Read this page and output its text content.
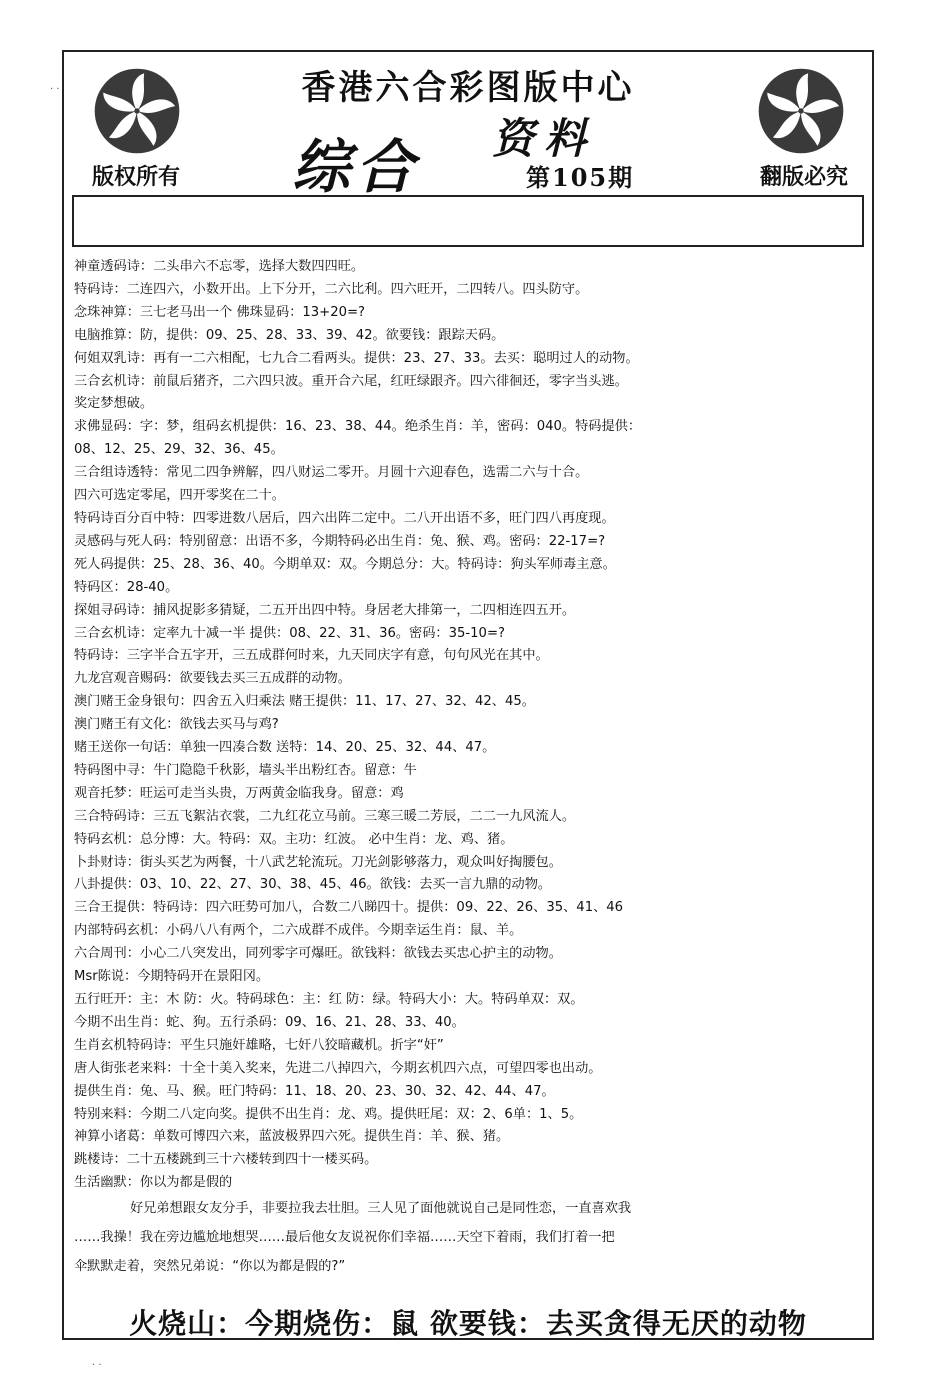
· ·
· ·
香港六合彩图版中心
综合 资料
第105期
版权所有	翻版必究
神童透码诗：二头串六不忘零，选择大数四四旺。
特码诗：二连四六，小数开出。上下分开，二六比利。四六旺开，二四转八。四头防守。
念珠神算：三七老马出一个 佛珠显码：13+20=?
电脑推算：防，提供：09、25、28、33、39、42。欲要钱：跟踪天码。
何姐双乳诗：再有一二六相配，七九合二看两头。提供：23、27、33。去买：聪明过人的动物。
三合玄机诗：前鼠后猪齐，二六四只波。重开合六尾，红旺绿跟齐。四六徘徊还，零字当头逃。
奖定梦想破。
求佛显码：字：梦，组码玄机提供：16、23、38、44。绝杀生肖：羊，密码：040。特码提供：
08、12、25、29、32、36、45。
三合组诗透特：常见二四争辨解，四八财运二零开。月圆十六迎春色，选需二六与十合。
四六可选定零尾，四开零奖在二十。
特码诗百分百中特：四零进数八居后，四六出阵二定中。二八开出语不多，旺门四八再度现。
灵感码与死人码：特别留意：出语不多，今期特码必出生肖：兔、猴、鸡。密码：22-17=?
死人码提供：25、28、36、40。今期单双：双。今期总分：大。特码诗：狗头军师毒主意。
特码区：28-40。
探姐寻码诗：捕风捉影多猜疑，二五开出四中特。身居老大排第一，二四相连四五开。
三合玄机诗：定率九十减一半 提供：08、22、31、36。密码：35-10=?
特码诗：三字半合五字开，三五成群何时来，九天同庆字有意，句句风光在其中。
九龙宫观音赐码：欲要钱去买三五成群的动物。
澳门赌王金身银句：四舍五入归乘法 赌王提供：11、17、27、32、42、45。
澳门赌王有文化：欲钱去买马与鸡?
赌王送你一句话：单独一四凑合数 送特：14、20、25、32、44、47。
特码图中寻：牛门隐隐千秋影，墙头半出粉红杏。留意：牛
观音托梦：旺运可走当头贵，万两黄金临我身。留意：鸡
三合特码诗：三五飞絮沾衣裳，二九红花立马前。三寒三暖二芳辰，二二一九风流人。
特码玄机：总分博：大。特码：双。主功：红波。 必中生肖：龙、鸡、猪。
卜卦财诗：街头买艺为两餐，十八武艺轮流玩。刀光剑影够落力，观众叫好掏腰包。
八卦提供：03、10、22、27、30、38、45、46。欲钱：去买一言九鼎的动物。
三合王提供：特码诗：四六旺势可加八，合数二八睇四十。提供：09、22、26、35、41、46
内部特码玄机：小码八八有两个，二六成群不成伴。今期幸运生肖：鼠、羊。
六合周刊：小心二八突发出，同列零字可爆旺。欲钱料：欲钱去买忠心护主的动物。
Msr陈说：今期特码开在景阳冈。
五行旺开：主：木 防：火。特码球色：主：红 防：绿。特码大小：大。特码单双：双。
今期不出生肖：蛇、狗。五行杀码：09、16、21、28、33、40。
生肖玄机特码诗：平生只施奸雄略，七奸八狡暗藏机。折字“奸”
唐人街张老来料：十全十美入奖来，先进二八掉四六，今期玄机四六点，可望四零也出动。
提供生肖：兔、马、猴。旺门特码：11、18、20、23、30、32、42、44、47。
特别来料：今期二八定向奖。提供不出生肖：龙、鸡。提供旺尾：双：2、6单：1、5。
神算小诸葛：单数可博四六来，蓝波极界四六死。提供生肖：羊、猴、猪。
跳楼诗：二十五楼跳到三十六楼转到四十一楼买码。
生活幽默：你以为都是假的
好兄弟想跟女友分手，非要拉我去壮胆。三人见了面他就说自己是同性恋，一直喜欢我
……我操！我在旁边尴尬地想哭……最后他女友说祝你们幸福……天空下着雨，我们打着一把
伞默默走着，突然兄弟说：“你以为都是假的?”
火烧山：今期烧伤：鼠 欲要钱：去买贪得无厌的动物
